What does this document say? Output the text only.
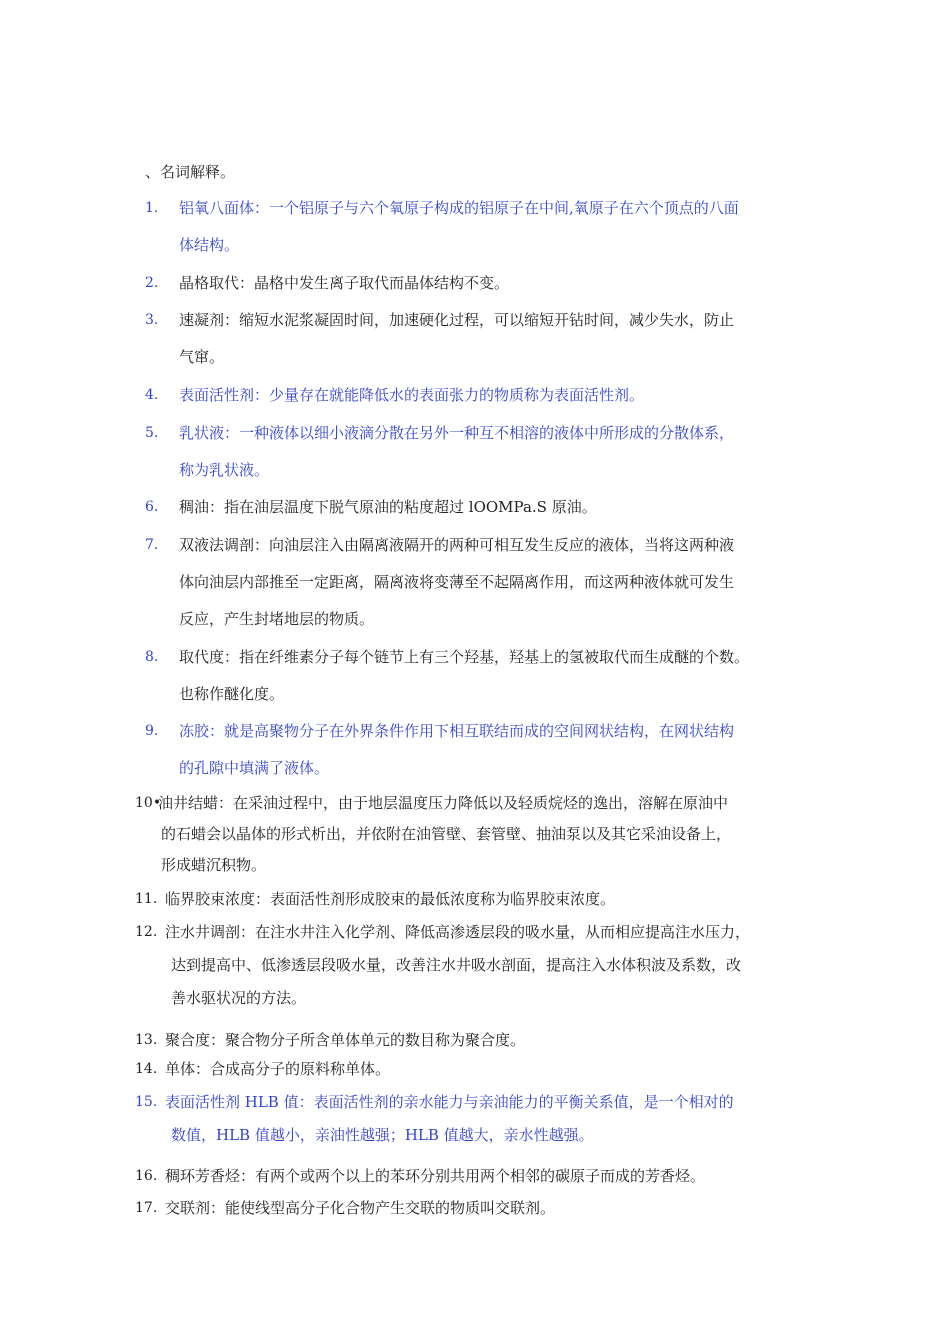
、名词解释。
1. 铝氧八面体：一个铝原子与六个氧原子构成的铝原子在中间,氧原子在六个顶点的八面
体结构。
2. 晶格取代：晶格中发生离子取代而晶体结构不变。
3. 速凝剂：缩短水泥浆凝固时间，加速硬化过程，可以缩短开钻时间，减少失水，防止
气窜。
4. 表面活性剂：少量存在就能降低水的表面张力的物质称为表面活性剂。
5. 乳状液：一种液体以细小液滴分散在另外一种互不相溶的液体中所形成的分散体系，
称为乳状液。
6. 稠油：指在油层温度下脱气原油的粘度超过 lOOMPa.S 原油。
7. 双液法调剖：向油层注入由隔离液隔开的两种可相互发生反应的液体，当将这两种液
体向油层内部推至一定距离，隔离液将变薄至不起隔离作用，而这两种液体就可发生
反应，产生封堵地层的物质。
8. 取代度：指在纤维素分子每个链节上有三个羟基，羟基上的氢被取代而生成醚的个数。
也称作醚化度。
9. 冻胶：就是高聚物分子在外界条件作用下相互联结而成的空间网状结构，在网状结构
的孔隙中填满了液体。
10•
油井结蜡：在采油过程中，由于地层温度压力降低以及轻质烷烃的逸出，溶解在原油中
的石蜡会以晶体的形式析出，并依附在油管壁、套管壁、抽油泵以及其它采油设备上，
形成蜡沉积物。
11. 临界胶束浓度：表面活性剂形成胶束的最低浓度称为临界胶束浓度。
12. 注水井调剖：在注水井注入化学剂、降低高渗透层段的吸水量，从而相应提高注水压力，
达到提高中、低渗透层段吸水量，改善注水井吸水剖面，提高注入水体积波及系数，改
善水驱状况的方法。
13. 聚合度：聚合物分子所含单体单元的数目称为聚合度。
14. 单体：合成高分子的原料称单体。
15. 表面活性剂 HLB 值：表面活性剂的亲水能力与亲油能力的平衡关系值，是一个相对的
数值，HLB 值越小，亲油性越强；HLB 值越大，亲水性越强。
16. 稠环芳香烃：有两个或两个以上的苯环分别共用两个相邻的碳原子而成的芳香烃。
17. 交联剂：能使线型高分子化合物产生交联的物质叫交联剂。
